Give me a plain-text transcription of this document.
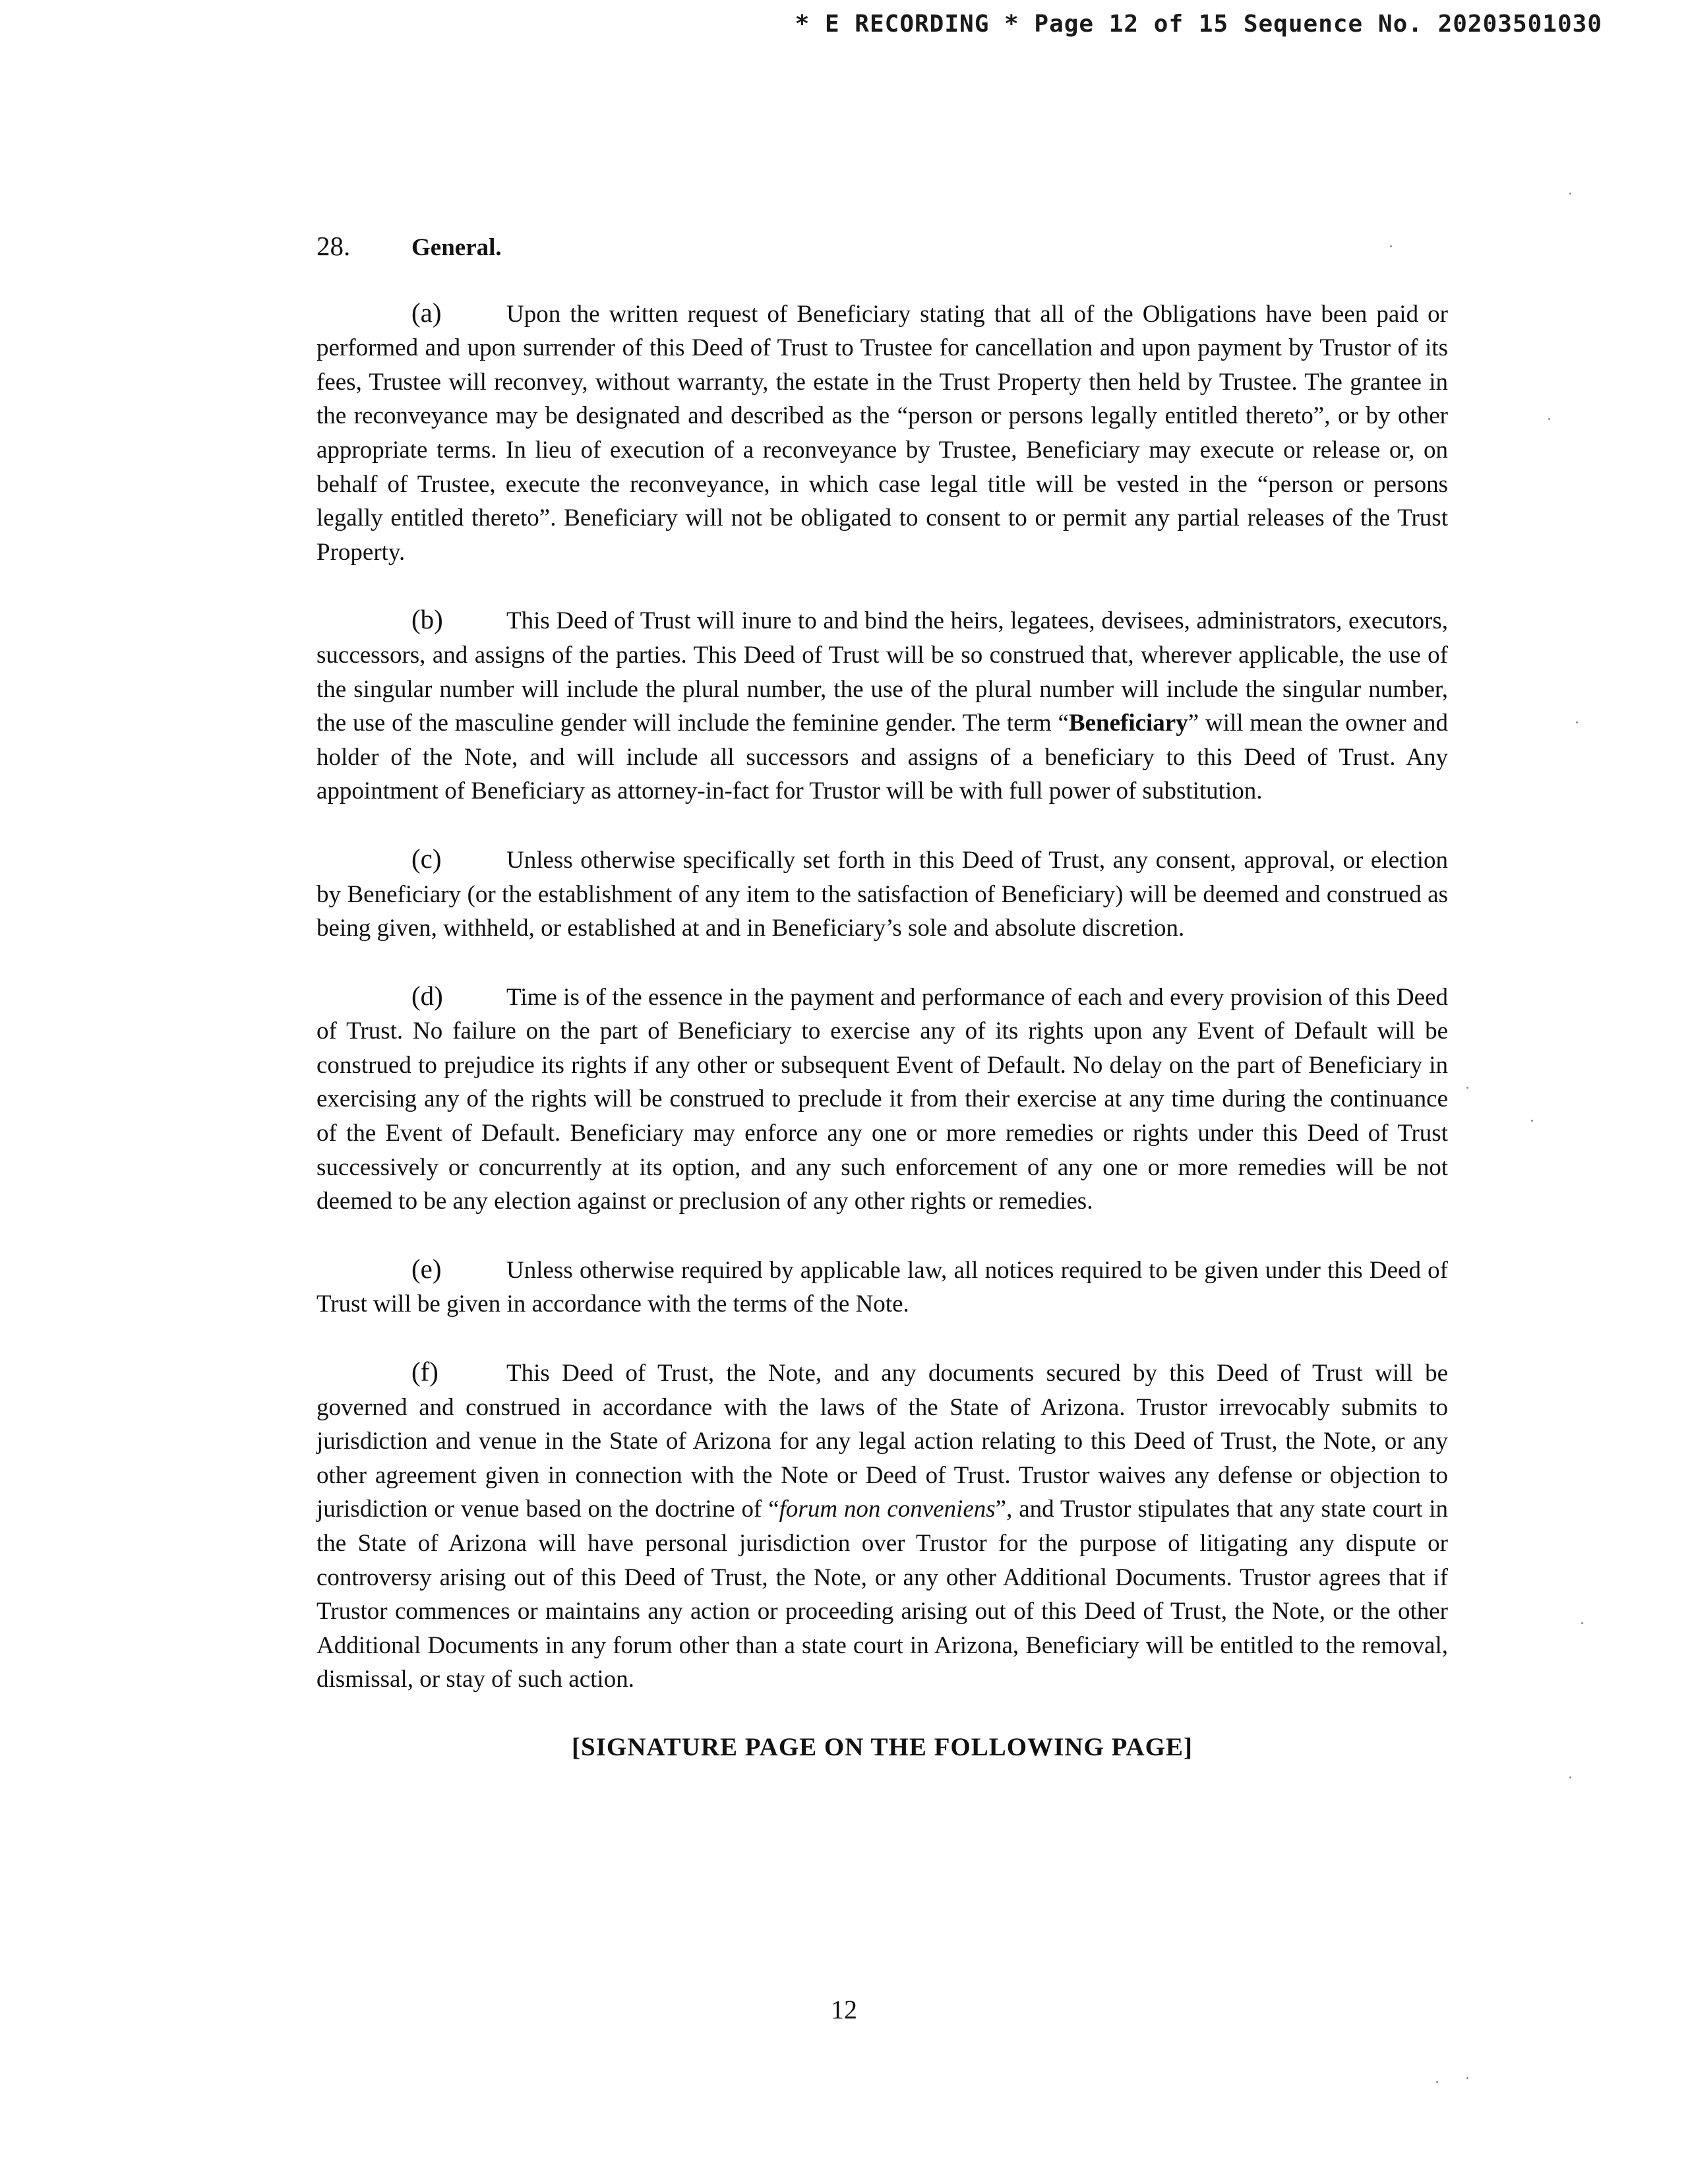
* E RECORDING * Page 12 of 15 Sequence No. 20203501030
28.	General.

(a)	Upon the written request of Beneficiary stating that all of the Obligations have been paid or performed and upon surrender of this Deed of Trust to Trustee for cancellation and upon payment by Trustor of its fees, Trustee will reconvey, without warranty, the estate in the Trust Property then held by Trustee. The grantee in the reconveyance may be designated and described as the “person or persons legally entitled thereto”, or by other appropriate terms. In lieu of execution of a reconveyance by Trustee, Beneficiary may execute or release or, on behalf of Trustee, execute the reconveyance, in which case legal title will be vested in the “person or persons legally entitled thereto”. Beneficiary will not be obligated to consent to or permit any partial releases of the Trust Property.

(b)	This Deed of Trust will inure to and bind the heirs, legatees, devisees, administrators, executors, successors, and assigns of the parties. This Deed of Trust will be so construed that, wherever applicable, the use of the singular number will include the plural number, the use of the plural number will include the singular number, the use of the masculine gender will include the feminine gender. The term “Beneficiary” will mean the owner and holder of the Note, and will include all successors and assigns of a beneficiary to this Deed of Trust. Any appointment of Beneficiary as attorney-in-fact for Trustor will be with full power of substitution.

(c)	Unless otherwise specifically set forth in this Deed of Trust, any consent, approval, or election by Beneficiary (or the establishment of any item to the satisfaction of Beneficiary) will be deemed and construed as being given, withheld, or established at and in Beneficiary’s sole and absolute discretion.

(d)	Time is of the essence in the payment and performance of each and every provision of this Deed of Trust. No failure on the part of Beneficiary to exercise any of its rights upon any Event of Default will be construed to prejudice its rights if any other or subsequent Event of Default. No delay on the part of Beneficiary in exercising any of the rights will be construed to preclude it from their exercise at any time during the continuance of the Event of Default. Beneficiary may enforce any one or more remedies or rights under this Deed of Trust successively or concurrently at its option, and any such enforcement of any one or more remedies will be not deemed to be any election against or preclusion of any other rights or remedies.

(e)	Unless otherwise required by applicable law, all notices required to be given under this Deed of Trust will be given in accordance with the terms of the Note.

(f)	This Deed of Trust, the Note, and any documents secured by this Deed of Trust will be governed and construed in accordance with the laws of the State of Arizona. Trustor irrevocably submits to jurisdiction and venue in the State of Arizona for any legal action relating to this Deed of Trust, the Note, or any other agreement given in connection with the Note or Deed of Trust. Trustor waives any defense or objection to jurisdiction or venue based on the doctrine of “forum non conveniens”, and Trustor stipulates that any state court in the State of Arizona will have personal jurisdiction over Trustor for the purpose of litigating any dispute or controversy arising out of this Deed of Trust, the Note, or any other Additional Documents. Trustor agrees that if Trustor commences or maintains any action or proceeding arising out of this Deed of Trust, the Note, or the other Additional Documents in any forum other than a state court in Arizona, Beneficiary will be entitled to the removal, dismissal, or stay of such action.

[SIGNATURE PAGE ON THE FOLLOWING PAGE]

12
